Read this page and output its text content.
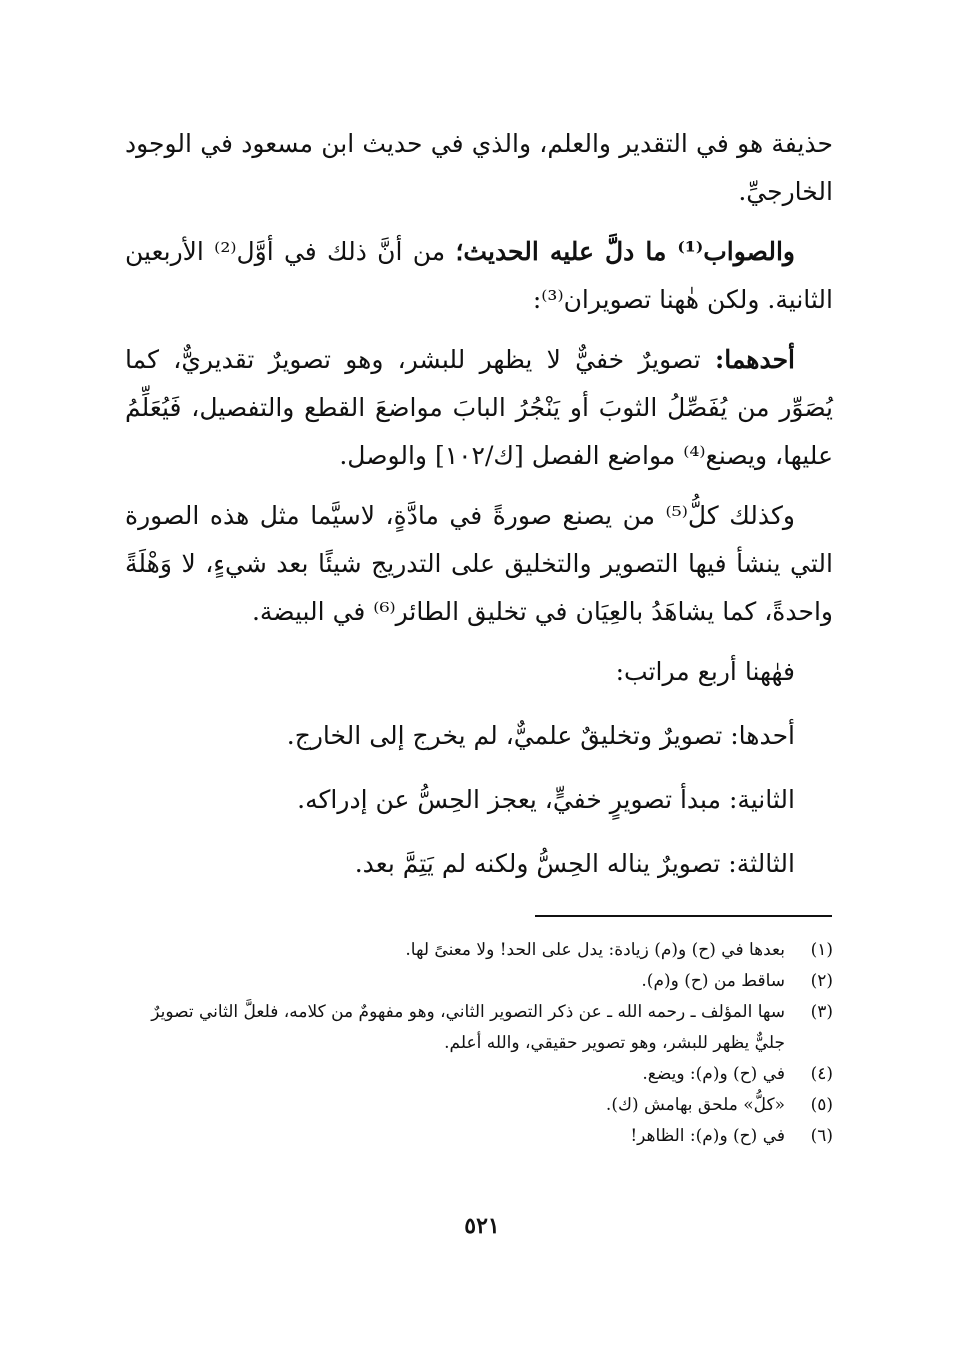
حذيفة هو في التقدير والعلم، والذي في حديث ابن مسعود في الوجود الخارجيِّ.

والصواب⁽¹⁾ ما دلَّ عليه الحديث؛ من أنَّ ذلك في أوَّل⁽²⁾ الأربعين الثانية. ولكن هٰهنا تصويران⁽³⁾:

أحدهما: تصويرٌ خفيٌّ لا يظهر للبشر، وهو تصويرٌ تقديريٌّ، كما يُصَوِّر من يُفَصِّلُ الثوبَ أو يَنْجُرُ البابَ مواضعَ القطع والتفصيل، فَيُعَلِّمُ عليها، ويصنع⁽⁴⁾ مواضع الفصل [ك/١٠٢] والوصل.

وكذلك كلُّ⁽⁵⁾ من يصنع صورةً في مادَّةٍ، لاسيَّما مثل هذه الصورة التي ينشأ فيها التصوير والتخليق على التدريج شيئًا بعد شيءٍ، لا وَهْلَةً واحدةً، كما يشاهَدُ بالعِيَان في تخليق الطائر⁽⁶⁾ في البيضة.

فهٰهنا أربع مراتب:

أحدها: تصويرٌ وتخليقٌ علميٌّ، لم يخرج إلى الخارج.

الثانية: مبدأ تصويرٍ خفيٍّ، يعجز الحِسُّ عن إدراكه.

الثالثة: تصويرٌ يناله الحِسُّ ولكنه لم يَتِمَّ بعد.

(١)
بعدها في (ح) و(م) زيادة: يدل على الحد! ولا معنىً لها.
(٢)
ساقط من (ح) و(م).
(٣)
سها المؤلف ـ رحمه الله ـ عن ذكر التصوير الثاني، وهو مفهومٌ من كلامه، فلعلَّ الثاني تصويرٌ جليٌّ يظهر للبشر، وهو تصوير حقيقي، والله أعلم.
(٤)
في (ح) و(م): ويضع.
(٥)
«كلُّ» ملحق بهامش (ك).
(٦)
في (ح) و(م): الظاهر!
٥٢١
